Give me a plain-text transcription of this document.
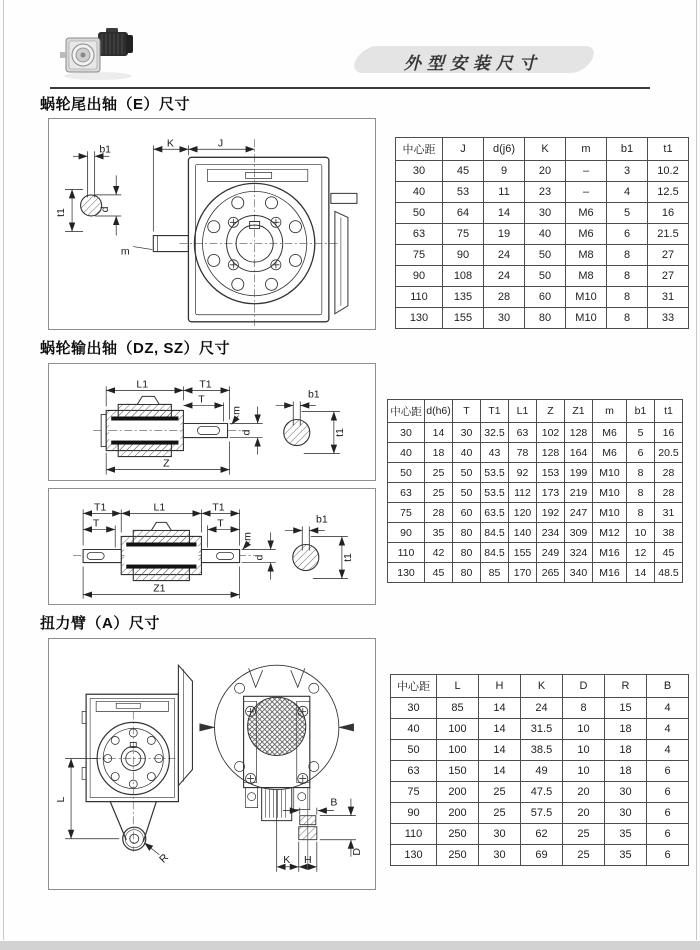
外型安装尺寸
蜗轮尾出轴（E）尺寸
K	J
b1
d
t1
m
中心距	J	d(j6)	K	m	b1	t1
30	45	9	20	–	3	10.2
40	53	11	23	–	4	12.5
50	64	14	30	M6	5	16
63	75	19	40	M6	6	21.5
75	90	24	50	M8	8	27
90	108	24	50	M8	8	27
110	135	28	60	M10	8	31
130	155	30	80	M10	8	33
蜗轮输出轴（DZ, SZ）尺寸
L1	T1
T
m
d
Z
b1
t1
T1	L1	T1
T	T
m
d
Z1
b1
t1
中心距	d(h6)	T	T1	L1	Z	Z1	m	b1	t1
30	14	30	32.5	63	102	128	M6	5	16
40	18	40	43	78	128	164	M6	6	20.5
50	25	50	53.5	92	153	199	M10	8	28
63	25	50	53.5	112	173	219	M10	8	28
75	28	60	63.5	120	192	247	M10	8	31
90	35	80	84.5	140	234	309	M12	10	38
110	42	80	84.5	155	249	324	M16	12	45
130	45	80	85	170	265	340	M16	14	48.5
扭力臂（A）尺寸
L
R
B
D
K H
中心距	L	H	K	D	R	B
30	85	14	24	8	15	4
40	100	14	31.5	10	18	4
50	100	14	38.5	10	18	4
63	150	14	49	10	18	6
75	200	25	47.5	20	30	6
90	200	25	57.5	20	30	6
110	250	30	62	25	35	6
130	250	30	69	25	35	6
